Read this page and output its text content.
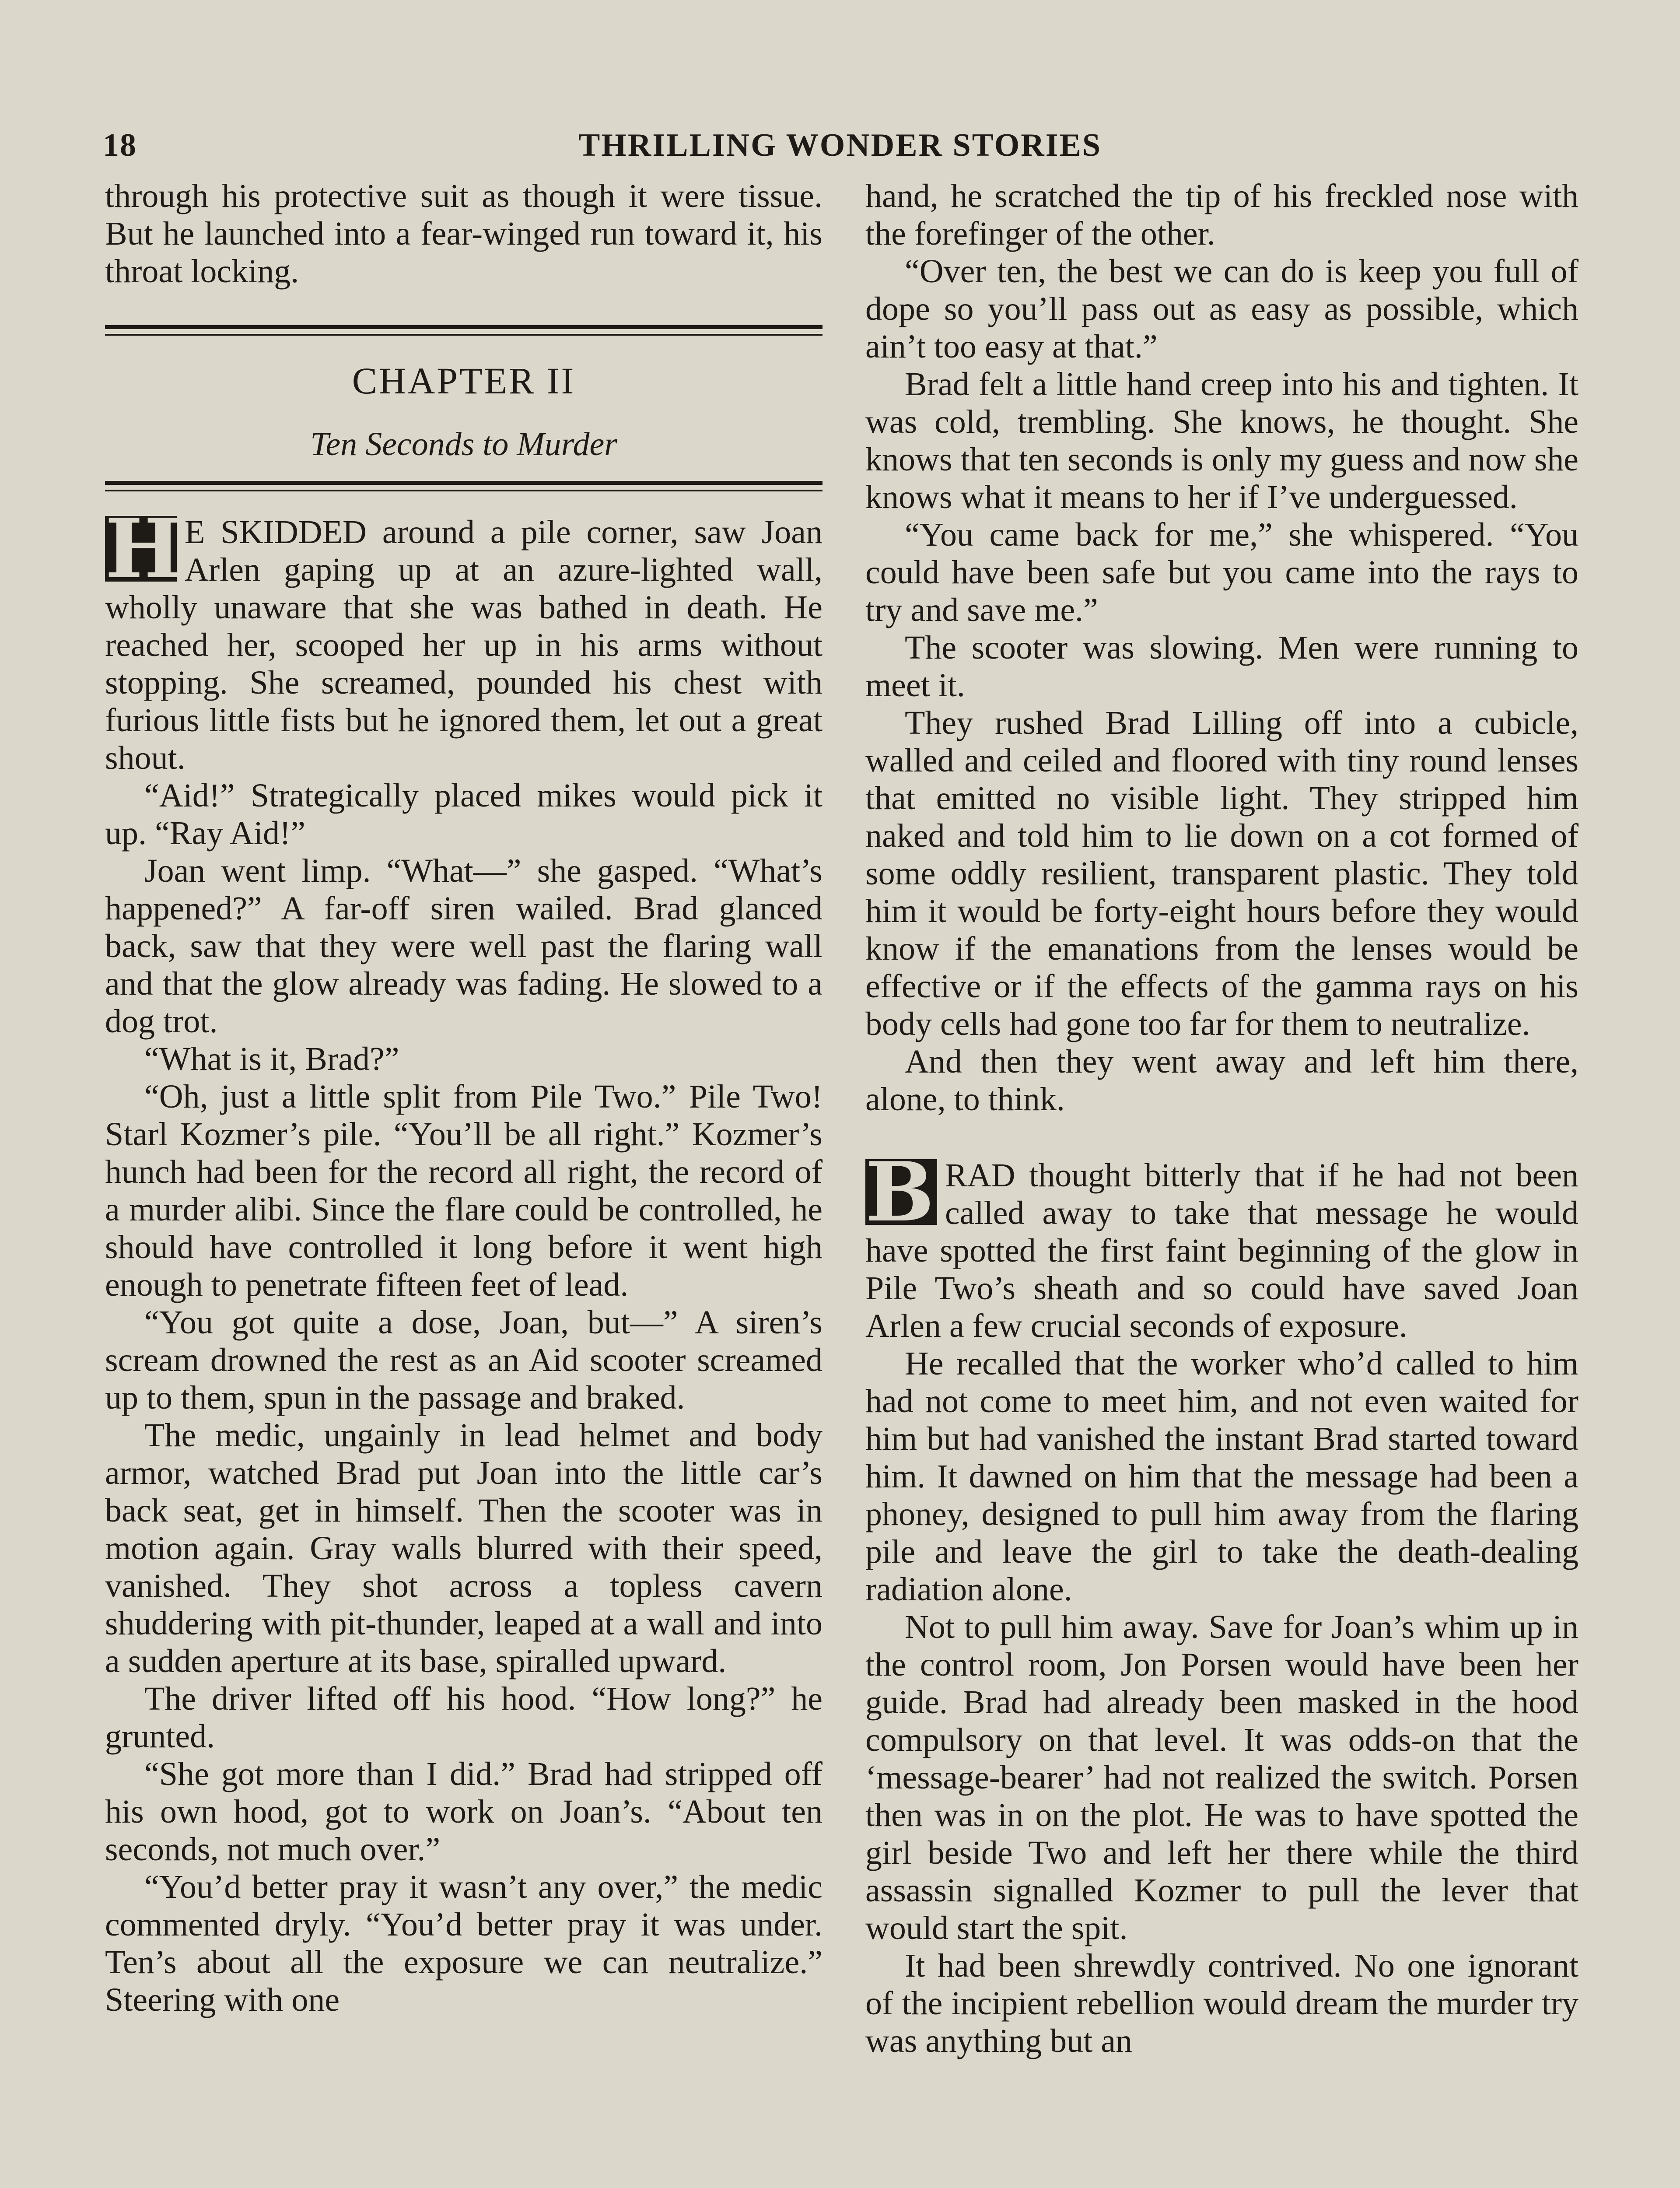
18	THRILLING WONDER STORIES

through his protective suit as though it were tissue. But he launched into a fear-winged run toward it, his throat locking.

CHAPTER II
Ten Seconds to Murder

H E SKIDDED around a pile corner, saw Joan Arlen gaping up at an azure-lighted wall, wholly unaware that she was bathed in death. He reached her, scooped her up in his arms without stopping. She screamed, pounded his chest with furious little fists but he ignored them, let out a great shout.

“Aid!” Strategically placed mikes would pick it up. “Ray Aid!”

Joan went limp. “What—” she gasped. “What’s happened?” A far-off siren wailed. Brad glanced back, saw that they were well past the flaring wall and that the glow already was fading. He slowed to a dog trot.

“What is it, Brad?”

“Oh, just a little split from Pile Two.” Pile Two! Starl Kozmer’s pile. “You’ll be all right.” Kozmer’s hunch had been for the record all right, the record of a murder alibi. Since the flare could be controlled, he should have controlled it long before it went high enough to penetrate fifteen feet of lead.

“You got quite a dose, Joan, but—” A siren’s scream drowned the rest as an Aid scooter screamed up to them, spun in the passage and braked.

The medic, ungainly in lead helmet and body armor, watched Brad put Joan into the little car’s back seat, get in himself. Then the scooter was in motion again. Gray walls blurred with their speed, vanished. They shot across a topless cavern shuddering with pit-thunder, leaped at a wall and into a sudden aperture at its base, spiralled upward.

The driver lifted off his hood. “How long?” he grunted.

“She got more than I did.” Brad had stripped off his own hood, got to work on Joan’s. “About ten seconds, not much over.”

“You’d better pray it wasn’t any over,” the medic commented dryly. “You’d better pray it was under. Ten’s about all the exposure we can neutralize.” Steering with one

hand, he scratched the tip of his freckled nose with the forefinger of the other.

“Over ten, the best we can do is keep you full of dope so you’ll pass out as easy as possible, which ain’t too easy at that.”

Brad felt a little hand creep into his and tighten. It was cold, trembling. She knows, he thought. She knows that ten seconds is only my guess and now she knows what it means to her if I’ve underguessed.

“You came back for me,” she whispered. “You could have been safe but you came into the rays to try and save me.”

The scooter was slowing. Men were running to meet it.

They rushed Brad Lilling off into a cubicle, walled and ceiled and floored with tiny round lenses that emitted no visible light. They stripped him naked and told him to lie down on a cot formed of some oddly resilient, transparent plastic. They told him it would be forty-eight hours before they would know if the emanations from the lenses would be effective or if the effects of the gamma rays on his body cells had gone too far for them to neutralize.

And then they went away and left him there, alone, to think.

B RAD thought bitterly that if he had not been called away to take that message he would have spotted the first faint beginning of the glow in Pile Two’s sheath and so could have saved Joan Arlen a few crucial seconds of exposure.

He recalled that the worker who’d called to him had not come to meet him, and not even waited for him but had vanished the instant Brad started toward him. It dawned on him that the message had been a phoney, designed to pull him away from the flaring pile and leave the girl to take the death-dealing radiation alone.

Not to pull him away. Save for Joan’s whim up in the control room, Jon Porsen would have been her guide. Brad had already been masked in the hood compulsory on that level. It was odds-on that the ‘message-bearer’ had not realized the switch. Porsen then was in on the plot. He was to have spotted the girl beside Two and left her there while the third assassin signalled Kozmer to pull the lever that would start the spit.

It had been shrewdly contrived. No one ignorant of the incipient rebellion would dream the murder try was anything but an
